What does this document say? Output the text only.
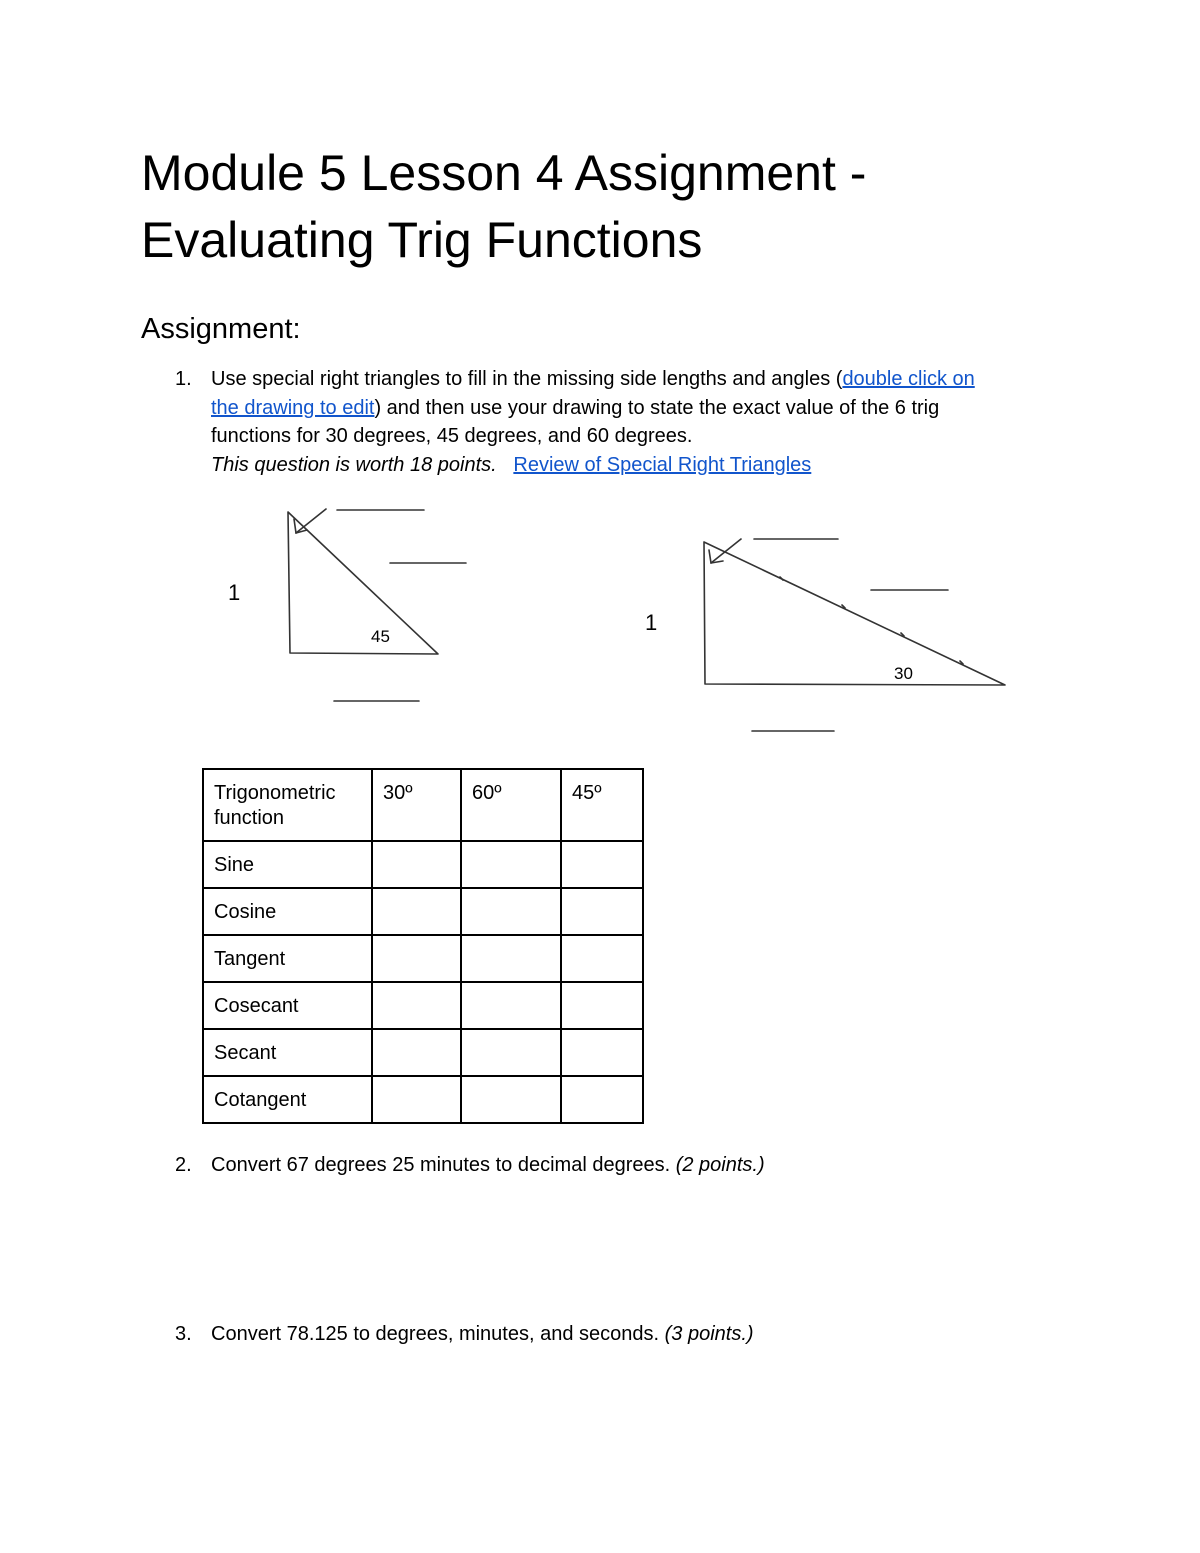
Module 5 Lesson 4 Assignment -
Evaluating Trig Functions
Assignment:
1. Use special right triangles to fill in the missing side lengths and angles (double click on
the drawing to edit) and then use your drawing to state the exact value of the 6 trig
functions for 30 degrees, 45 degrees, and 60 degrees.
This question is worth 18 points. Review of Special Right Triangles
1
45
1
30
Trigonometric function	30º	60º	45º
Sine			
Cosine			
Tangent			
Cosecant			
Secant			
Cotangent			
2. Convert 67 degrees 25 minutes to decimal degrees. (2 points.)
3. Convert 78.125 to degrees, minutes, and seconds. (3 points.)
